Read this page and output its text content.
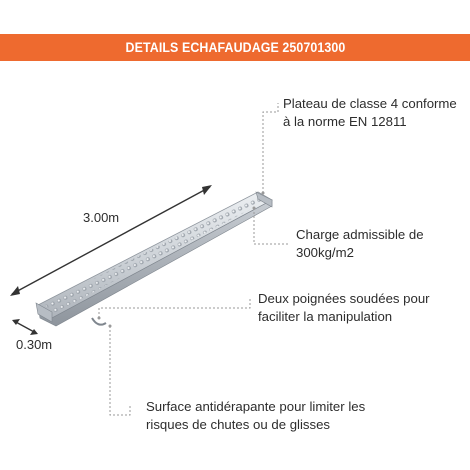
DETAILS ECHAFAUDAGE 250701300
3.00m
0.30m
Plateau de classe 4 conforme
à la norme EN 12811
Charge admissible de
300kg/m2
Deux poignées soudées pour
faciliter la manipulation
Surface antidérapante pour limiter les
risques de chutes ou de glisses
